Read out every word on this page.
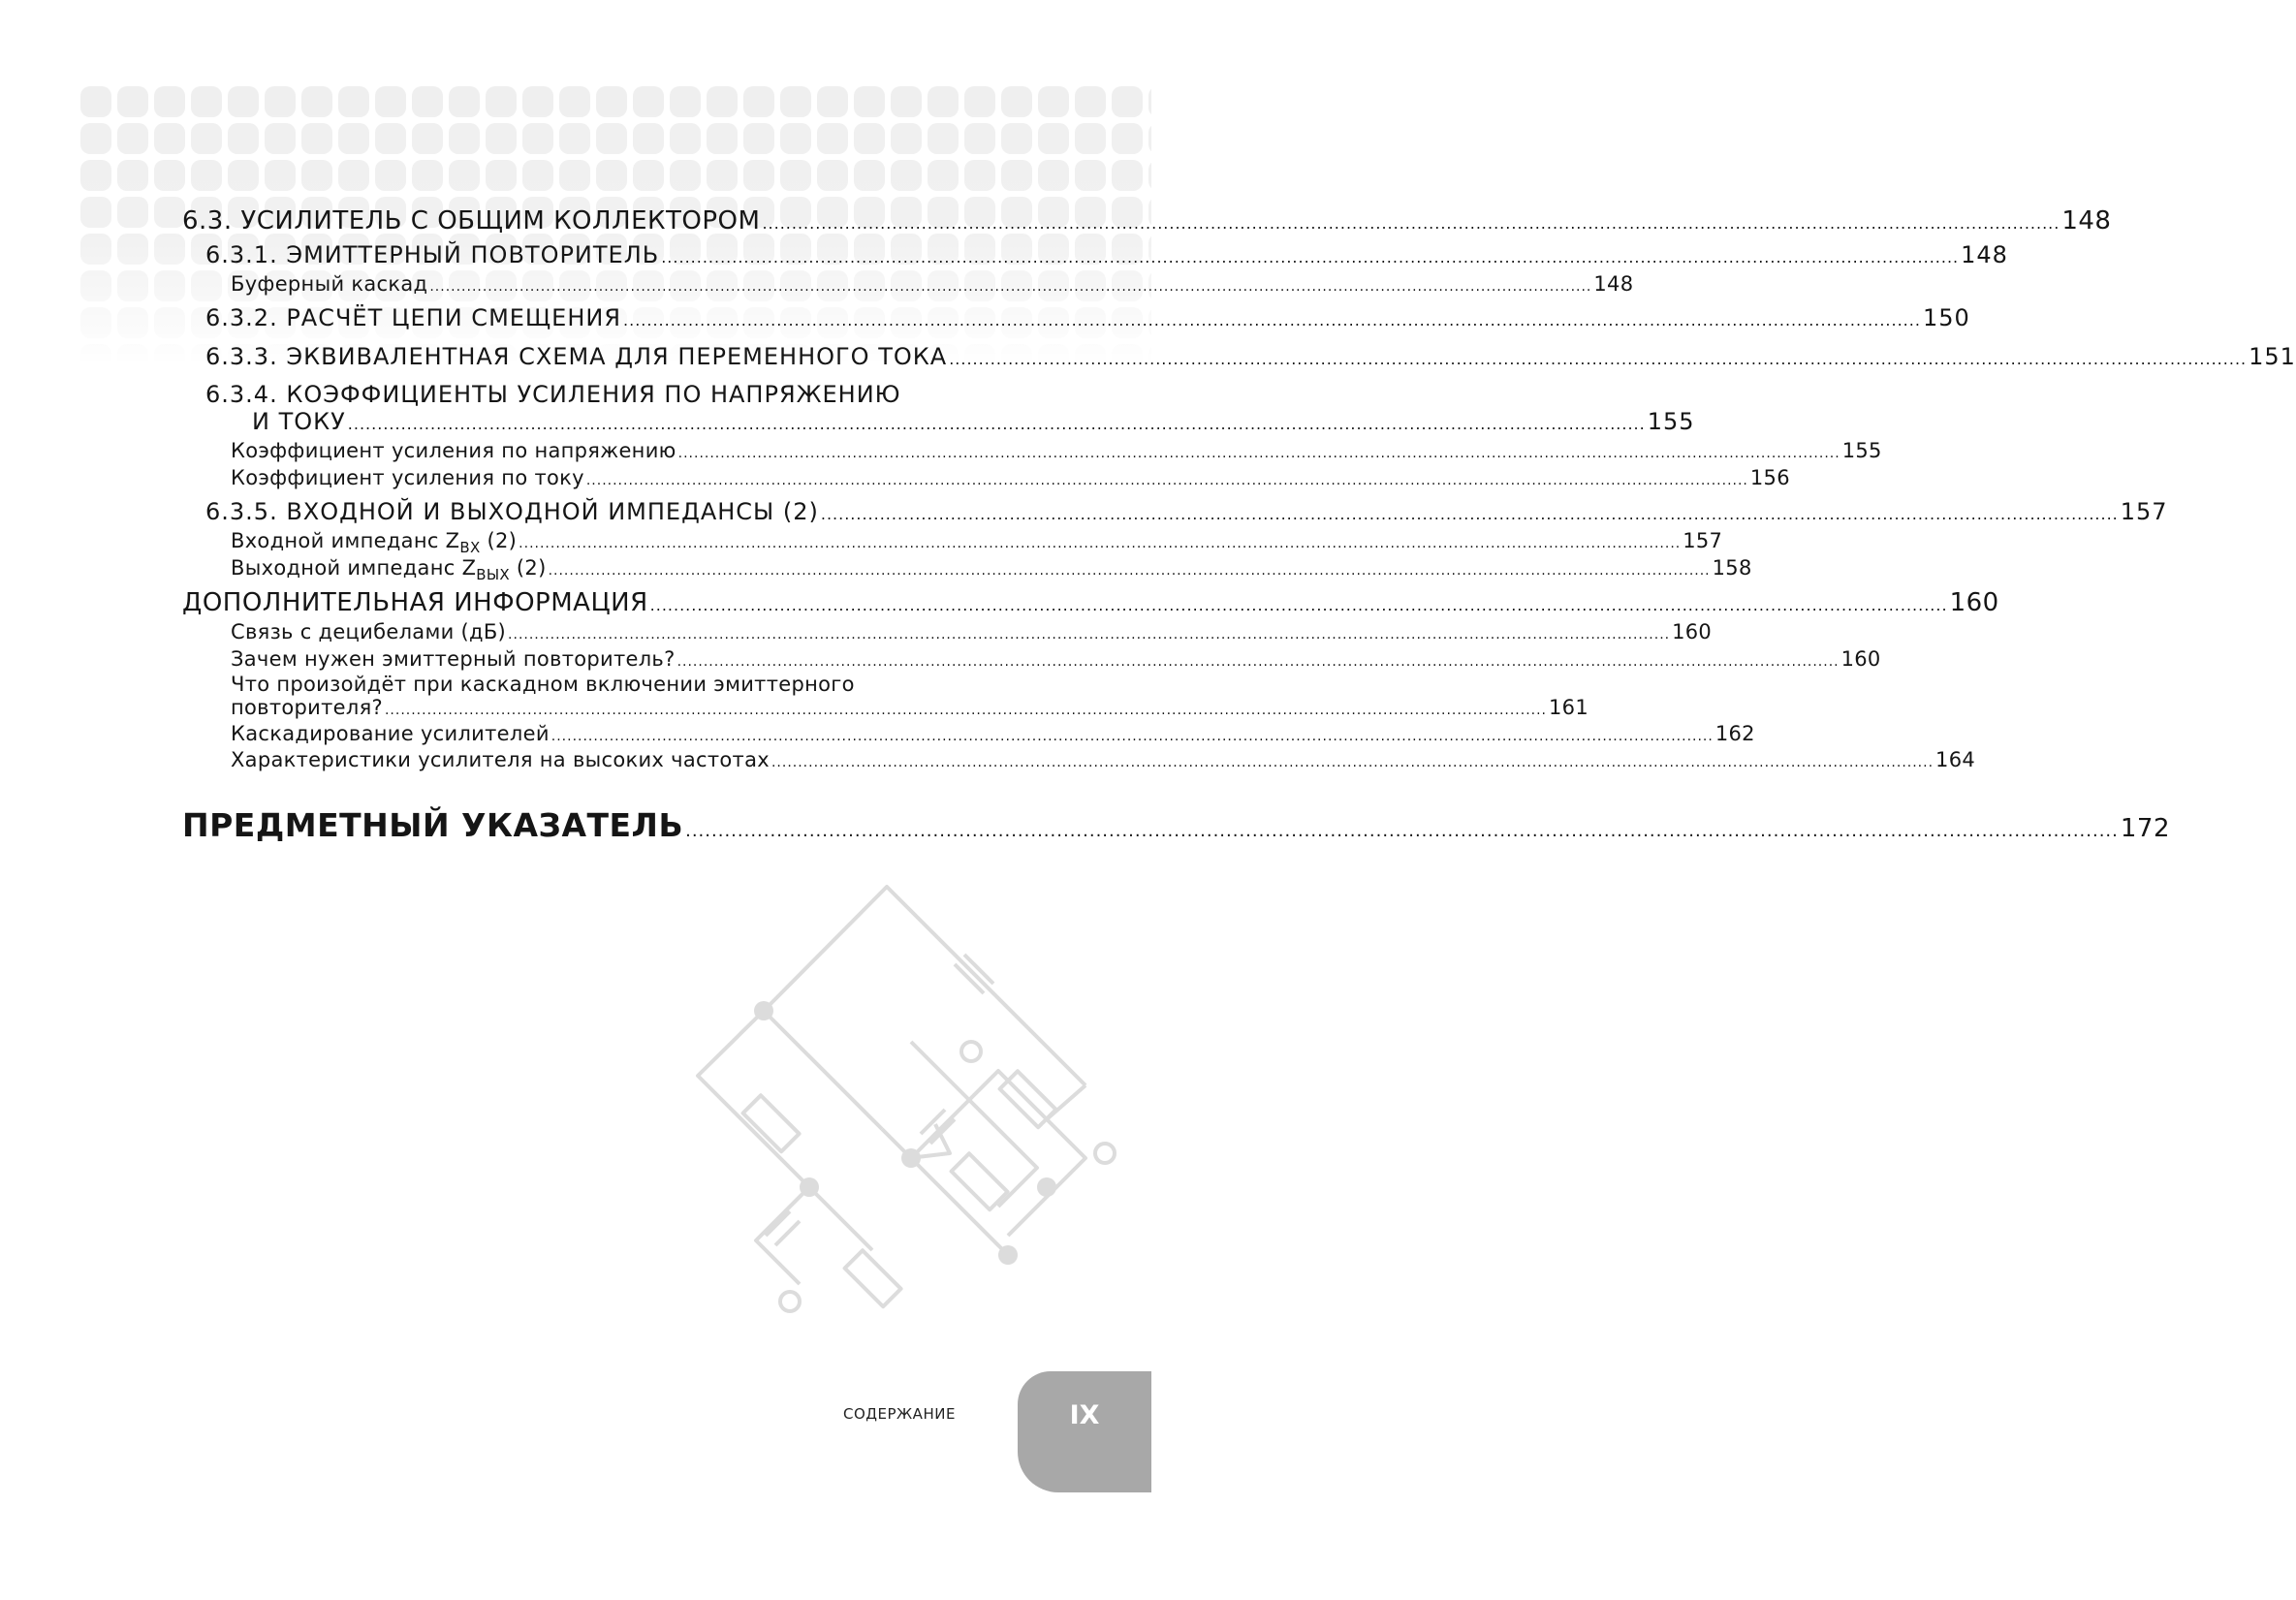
6.3. УСИЛИТЕЛЬ С ОБЩИМ КОЛЛЕКТОРОМ ............................................................................................................................................................................................................................ 148
6.3.1. ЭМИТТЕРНЫЙ ПОВТОРИТЕЛЬ ............................................................................................................................................................................................................................ 148
Буферный каскад ............................................................................................................................................................................................................................ 148
6.3.2. РАСЧЁТ ЦЕПИ СМЕЩЕНИЯ ............................................................................................................................................................................................................................ 150
6.3.3. ЭКВИВАЛЕНТНАЯ СХЕМА ДЛЯ ПЕРЕМЕННОГО ТОКА ............................................................................................................................................................................................................................ 151
6.3.4. КОЭФФИЦИЕНТЫ УСИЛЕНИЯ ПО НАПРЯЖЕНИЮ
И ТОКУ ............................................................................................................................................................................................................................ 155
Коэффициент усиления по напряжению ............................................................................................................................................................................................................................ 155
Коэффициент усиления по току ............................................................................................................................................................................................................................ 156
6.3.5. ВХОДНОЙ И ВЫХОДНОЙ ИМПЕДАНСЫ (2) ............................................................................................................................................................................................................................ 157
Входной импеданс $Z_{ВХ}$ (2) ............................................................................................................................................................................................................................ 157
Выходной импеданс $Z_{ВЫХ}$ (2) ............................................................................................................................................................................................................................ 158
ДОПОЛНИТЕЛЬНАЯ ИНФОРМАЦИЯ ............................................................................................................................................................................................................................ 160
Связь с децибелами (дБ) ............................................................................................................................................................................................................................ 160
Зачем нужен эмиттерный повторитель? ............................................................................................................................................................................................................................ 160
Что произойдёт при каскадном включении эмиттерного
повторителя? ............................................................................................................................................................................................................................ 161
Каскадирование усилителей ............................................................................................................................................................................................................................ 162
Характеристики усилителя на высоких частотах ............................................................................................................................................................................................................................ 164
ПРЕДМЕТНЫЙ УКАЗАТЕЛЬ ............................................................................................................................................................................................................................ 172
СОДЕРЖАНИЕ	IX
